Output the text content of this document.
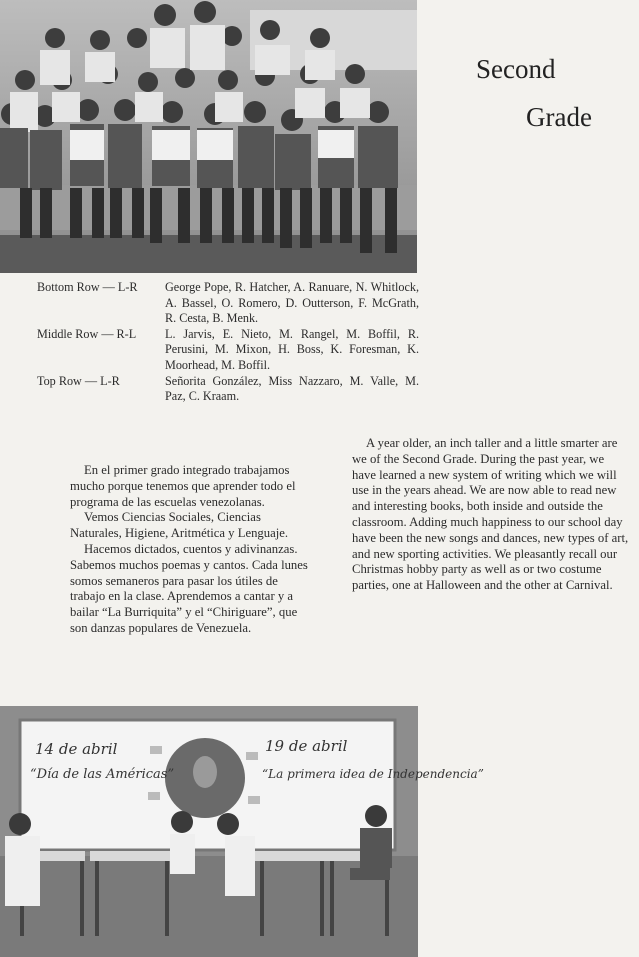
Second
Grade
Bottom Row — L-R	George Pope, R. Hatcher, A. Ranuare, N. Whitlock, A. Bassel, O. Romero, D. Outterson, F. McGrath, R. Cesta, B. Menk.
Middle Row — R-L	L. Jarvis, E. Nieto, M. Rangel, M. Boffil, R. Perusini, M. Mixon, H. Boss, K. Foresman, K. Moorhead, M. Boffil.
Top Row — L-R	Señorita González, Miss Nazzaro, M. Valle, M. Paz, C. Kraam.

En el primer grado integrado trabajamos mucho porque tenemos que aprender todo el programa de las escuelas venezolanas.

Vemos Ciencias Sociales, Ciencias Naturales, Higiene, Aritmética y Lenguaje.

Hacemos dictados, cuentos y adivinanzas. Sabemos muchos poemas y cantos. Cada lunes somos semaneros para pasar los útiles de trabajo en la clase. Aprendemos a cantar y a bailar “La Burriquita” y el “Chiriguare”, que son danzas populares de Venezuela.

A year older, an inch taller and a little smarter are we of the Second Grade. During the past year, we have learned a new system of writing which we will use in the years ahead. We are now able to read new and interesting books, both inside and outside the classroom. Adding much happiness to our school day have been the new songs and dances, new types of art, and new sporting activities. We pleasantly recall our Christmas hobby party as well as or two costume parties, one at Halloween and the other at Carnival.

14 de abril
“Día de las Américas”
19 de abril
“La primera idea de Independencia”
